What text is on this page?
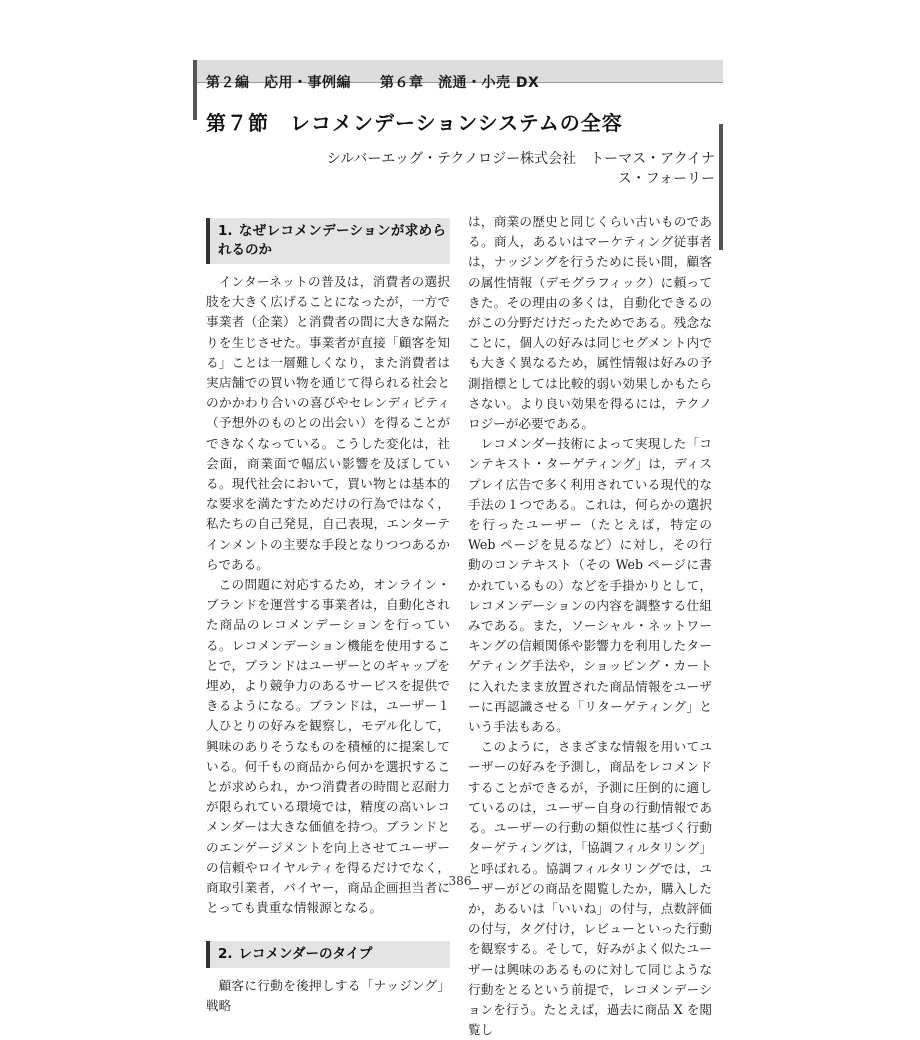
第２編　応用・事例編　　第６章　流通・小売 DX
第７節　レコメンデーションシステムの全容
シルバーエッグ・テクノロジー株式会社　トーマス・アクイナス・フォーリー
1. なぜレコメンデーションが求められるのか

インターネットの普及は，消費者の選択肢を大きく広げることになったが，一方で事業者（企業）と消費者の間に大きな隔たりを生じさせた。事業者が直接「顧客を知る」ことは一層難しくなり，また消費者は実店舗での買い物を通じて得られる社会とのかかわり合いの喜びやセレンディピティ（予想外のものとの出会い）を得ることができなくなっている。こうした変化は，社会面，商業面で幅広い影響を及ぼしている。現代社会において，買い物とは基本的な要求を満たすためだけの行為ではなく，私たちの自己発見，自己表現，エンターテインメントの主要な手段となりつつあるからである。

この問題に対応するため，オンライン・ブランドを運営する事業者は，自動化された商品のレコメンデーションを行っている。レコメンデーション機能を使用することで，ブランドはユーザーとのギャップを埋め，より競争力のあるサービスを提供できるようになる。ブランドは，ユーザー１人ひとりの好みを観察し，モデル化して，興味のありそうなものを積極的に提案している。何千もの商品から何かを選択することが求められ，かつ消費者の時間と忍耐力が限られている環境では，精度の高いレコメンダーは大きな価値を持つ。ブランドとのエンゲージメントを向上させてユーザーの信頼やロイヤルティを得るだけでなく，商取引業者，バイヤー，商品企画担当者にとっても貴重な情報源となる。

2. レコメンダーのタイプ

顧客に行動を後押しする「ナッジング」戦略

は，商業の歴史と同じくらい古いものである。商人，あるいはマーケティング従事者は，ナッジングを行うために長い間，顧客の属性情報（デモグラフィック）に頼ってきた。その理由の多くは，自動化できるのがこの分野だけだったためである。残念なことに，個人の好みは同じセグメント内でも大きく異なるため，属性情報は好みの予測指標としては比較的弱い効果しかもたらさない。より良い効果を得るには，テクノロジーが必要である。

レコメンダー技術によって実現した「コンテキスト・ターゲティング」は，ディスプレイ広告で多く利用されている現代的な手法の１つである。これは，何らかの選択を行ったユーザー（たとえば，特定の Web ページを見るなど）に対し，その行動のコンテキスト（その Web ページに書かれているもの）などを手掛かりとして，レコメンデーションの内容を調整する仕組みである。また，ソーシャル・ネットワーキングの信頼関係や影響力を利用したターゲティング手法や，ショッピング・カートに入れたまま放置された商品情報をユーザーに再認識させる「リターゲティング」という手法もある。

このように，さまざまな情報を用いてユーザーの好みを予測し，商品をレコメンドすることができるが，予測に圧倒的に適しているのは，ユーザー自身の行動情報である。ユーザーの行動の類似性に基づく行動ターゲティングは，「協調フィルタリング」と呼ばれる。協調フィルタリングでは，ユーザーがどの商品を閲覧したか，購入したか，あるいは「いいね」の付与，点数評価の付与，タグ付け，レビューといった行動を観察する。そして，好みがよく似たユーザーは興味のあるものに対して同じような行動をとるという前提で，レコメンデーションを行う。たとえば，過去に商品 X を閲覧し

386
